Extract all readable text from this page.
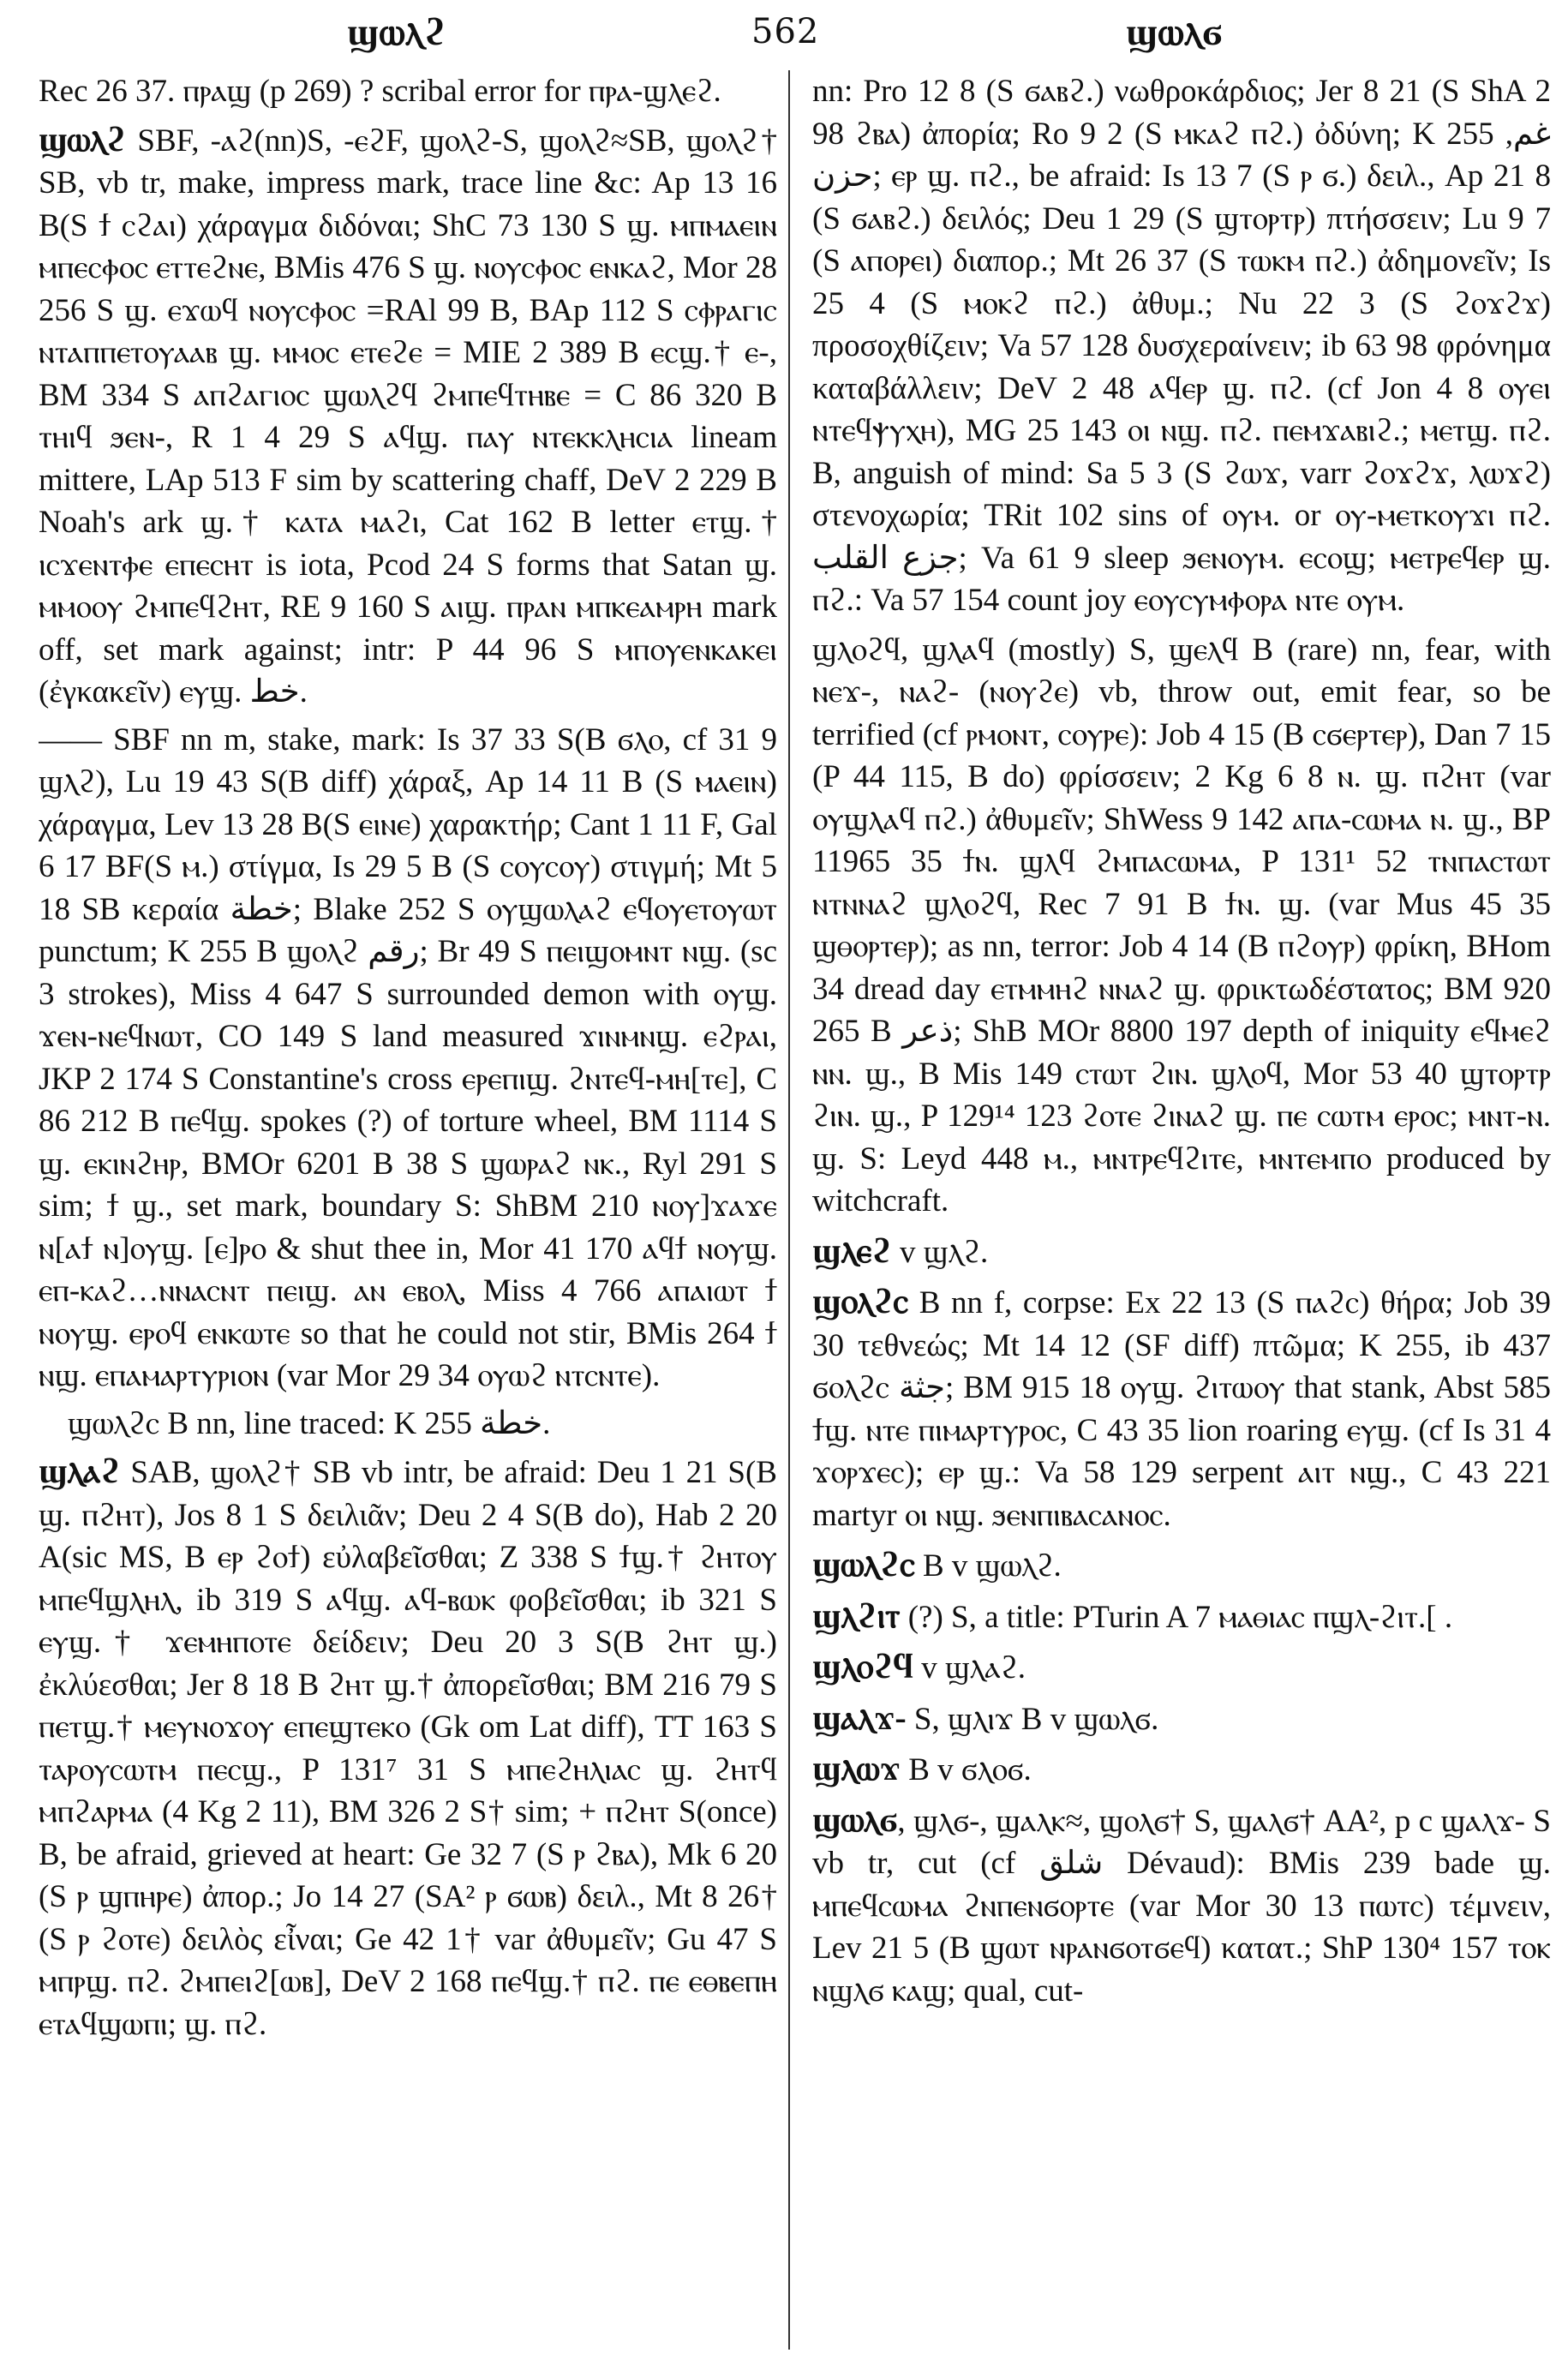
ϣⲱⲗϩ	562	ϣⲱⲗϭ

Rec 26 37. ⲡⲣⲁϣ (p 269) ? scribal error for ⲡⲣⲁ-ϣⲗⲉϩ.

ϣⲱⲗϩ SBF, -ⲁϩ(nn)S, -ⲉϩF, ϣⲟⲗϩ-S, ϣⲟⲗϩ≈SB, ϣⲟⲗϩ† SB, vb tr, make, impress mark, trace line &c: Ap 13 16 B(S ϯ ⲥϩⲁⲓ) χάραγμα διδόναι; ShC 73 130 S ϣ. ⲙⲡⲙⲁⲉⲓⲛ ⲙⲡⲉⲥⲫⲟⲥ ⲉⲧⲧⲉϩⲛⲉ, BMis 476 S ϣ. ⲛⲟⲩⲥⲫⲟⲥ ⲉⲛⲕⲁϩ, Mor 28 256 S ϣ. ⲉϫⲱϥ ⲛⲟⲩⲥⲫⲟⲥ =RAl 99 B, BAp 112 S ⲥⲫⲣⲁⲅⲓⲥ ⲛⲧⲁⲡⲡⲉⲧⲟⲩⲁⲁⲃ ϣ. ⲙⲙⲟⲥ ⲉⲧⲉϩⲉ = MIE 2 389 B ⲉⲥϣ.† ⲉ-, BM 334 S ⲁⲡϩⲁⲅⲓⲟⲥ ϣⲱⲗϩϥ ϩⲙⲡⲉϥⲧⲏⲃⲉ = C 86 320 B ⲧⲏⲓϥ ϧⲉⲛ-, R 1 4 29 S ⲁϥϣ. ⲡⲁⲩ ⲛⲧⲉⲕⲕⲗⲏⲥⲓⲁ lineam mittere, LAp 513 F sim by scattering chaff, DeV 2 229 B Noah's ark ϣ.† ⲕⲁⲧⲁ ⲙⲁϩⲓ, Cat 162 B letter ⲉⲧϣ.† ⲓⲥϫⲉⲛⲧⲫⲉ ⲉⲡⲉⲥⲏⲧ is iota, Pcod 24 S forms that Satan ϣ. ⲙⲙⲟⲟⲩ ϩⲙⲡⲉϥϩⲏⲧ, RE 9 160 S ⲁⲓϣ. ⲡⲣⲁⲛ ⲙⲡⲕⲉⲁⲙⲣⲏ mark off, set mark against; intr: P 44 96 S ⲙⲡⲟⲩⲉⲛⲕⲁⲕⲉⲓ (ἐγκακεῖν) ⲉⲩϣ. خط.

—— SBF nn m, stake, mark: Is 37 33 S(B ϭⲗⲟ, cf 31 9 ϣⲗϩ), Lu 19 43 S(B diff) χάραξ, Ap 14 11 B (S ⲙⲁⲉⲓⲛ) χάραγμα, Lev 13 28 B(S ⲉⲓⲛⲉ) χαρακτήρ; Cant 1 11 F, Gal 6 17 BF(S ⲙ.) στίγμα, Is 29 5 B (S ⲥⲟⲩⲥⲟⲩ) στιγμή; Mt 5 18 SB κεραία خطة; Blake 252 S ⲟⲩϣⲱⲗⲁϩ ⲉϥⲟⲩⲉⲧⲟⲩⲱⲧ punctum; K 255 B ϣⲟⲗϩ رقم; Br 49 S ⲡⲉⲓϣⲟⲙⲛⲧ ⲛϣ. (sc 3 strokes), Miss 4 647 S surrounded demon with ⲟⲩϣ. ϫⲉⲛ-ⲛⲉϥⲛⲱⲧ, CO 149 S land measured ϫⲓⲛⲙⲛϣ. ⲉϩⲣⲁⲓ, JKP 2 174 S Constantine's cross ⲉⲣⲉⲡⲓϣ. ϩⲛⲧⲉϥ-ⲙⲏ[ⲧⲉ], C 86 212 B ⲡⲉϥϣ. spokes (?) of torture wheel, BM 1114 S ϣ. ⲉⲕⲓⲛϩⲏⲣ, BMOr 6201 B 38 S ϣⲱⲣⲁϩ ⲛⲕ., Ryl 291 S sim; ϯ ϣ., set mark, boundary S: ShBM 210 ⲛⲟⲩ]ϫⲁϫⲉ ⲛ[ⲁϯ ⲛ]ⲟⲩϣ. [ⲉ]ⲣⲟ & shut thee in, Mor 41 170 ⲁϥϯ ⲛⲟⲩϣ. ⲉⲡ-ⲕⲁϩ…ⲛⲛⲁⲥⲛⲧ ⲡⲉⲓϣ. ⲁⲛ ⲉⲃⲟⲗ, Miss 4 766 ⲁⲡⲁⲓⲱⲧ ϯ ⲛⲟⲩϣ. ⲉⲣⲟϥ ⲉⲛⲕⲱⲧⲉ so that he could not stir, BMis 264 ϯ ⲛϣ. ⲉⲡⲁⲙⲁⲣⲧⲩⲣⲓⲟⲛ (var Mor 29 34 ⲟⲩⲱϩ ⲛⲧⲥⲛⲧⲉ).

ϣⲱⲗϩⲥ B nn, line traced: K 255 خطة.

ϣⲗⲁϩ SAB, ϣⲟⲗϩ† SB vb intr, be afraid: Deu 1 21 S(B ϣ. ⲡϩⲏⲧ), Jos 8 1 S δειλιᾶν; Deu 2 4 S(B do), Hab 2 20 A(sic MS, B ⲉⲣ ϩⲟϯ) εὐλαβεῖσθαι; Z 338 S ϯϣ.† ϩⲏⲧⲟⲩ ⲙⲡⲉϥϣⲗⲏⲗ, ib 319 S ⲁϥϣ. ⲁϥ-ⲃⲱⲕ φοβεῖσθαι; ib 321 S ⲉⲩϣ.† ϫⲉⲙⲏⲡⲟⲧⲉ δείδειν; Deu 20 3 S(B ϩⲏⲧ ϣ.) ἐκλύεσθαι; Jer 8 18 B ϩⲏⲧ ϣ.† ἀπορεῖσθαι; BM 216 79 S ⲡⲉⲧϣ.† ⲙⲉⲩⲛⲟϫⲟⲩ ⲉⲡⲉϣⲧⲉⲕⲟ (Gk om Lat diff), TT 163 S ⲧⲁⲣⲟⲩⲥⲱⲧⲙ ⲡⲉⲥϣ., P 131⁷ 31 S ⲙⲡⲉϩⲏⲗⲓⲁⲥ ϣ. ϩⲏⲧϥ ⲙⲡϩⲁⲣⲙⲁ (4 Kg 2 11), BM 326 2 S† sim; + ⲡϩⲏⲧ S(once) B, be afraid, grieved at heart: Ge 32 7 (S ⲣ ϩⲃⲁ), Mk 6 20 (S ⲣ ϣⲡⲏⲣⲉ) ἀπορ.; Jo 14 27 (SA² ⲣ ϭⲱⲃ) δειλ., Mt 8 26† (S ⲣ ϩⲟⲧⲉ) δειλὸς εἶναι; Ge 42 1† var ἀθυμεῖν; Gu 47 S ⲙⲡⲣϣ. ⲡϩ. ϩⲙⲡⲉⲓϩ[ⲱⲃ], DeV 2 168 ⲡⲉϥϣ.† ⲡϩ. ⲡⲉ ⲉⲑⲃⲉⲡⲏ ⲉⲧⲁϥϣⲱⲡⲓ; ϣ. ⲡϩ.

nn: Pro 12 8 (S ϭⲁⲃϩ.) νωθροκάρδιος; Jer 8 21 (S ShA 2 98 ϩⲃⲁ) ἀπορία; Ro 9 2 (S ⲙⲕⲁϩ ⲡϩ.) ὀδύνη; K 255 غم, حزن; ⲉⲣ ϣ. ⲡϩ., be afraid: Is 13 7 (S ⲣ ϭ.) δειλ., Ap 21 8 (S ϭⲁⲃϩ.) δειλός; Deu 1 29 (S ϣⲧⲟⲣⲧⲣ) πτήσσειν; Lu 9 7 (S ⲁⲡⲟⲣⲉⲓ) διαπορ.; Mt 26 37 (S ⲧⲱⲕⲙ ⲡϩ.) ἀδημονεῖν; Is 25 4 (S ⲙⲟⲕϩ ⲡϩ.) ἀθυμ.; Nu 22 3 (S ϩⲟϫϩϫ) προσοχθίζειν; Va 57 128 δυσχεραίνειν; ib 63 98 φρόνημα καταβάλλειν; DeV 2 48 ⲁϥⲉⲣ ϣ. ⲡϩ. (cf Jon 4 8 ⲟⲩⲉⲓ ⲛⲧⲉϥⲯⲩⲭⲏ), MG 25 143 ⲟⲓ ⲛϣ. ⲡϩ. ⲡⲉⲙϫⲁⲃⲓϩ.; ⲙⲉⲧϣ. ⲡϩ. B, anguish of mind: Sa 5 3 (S ϩⲱϫ, varr ϩⲟϫϩϫ, ⲗⲱϫϩ) στενοχωρία; TRit 102 sins of ⲟⲩⲙ. or ⲟⲩ-ⲙⲉⲧⲕⲟⲩϫⲓ ⲡϩ. جزع القلب; Va 61 9 sleep ϧⲉⲛⲟⲩⲙ. ⲉⲥⲟϣ; ⲙⲉⲧⲣⲉϥⲉⲣ ϣ. ⲡϩ.: Va 57 154 count joy ⲉⲟⲩⲥⲩⲙⲫⲟⲣⲁ ⲛⲧⲉ ⲟⲩⲙ.

ϣⲗⲟϩϥ, ϣⲗⲁϥ (mostly) S, ϣⲉⲗϥ B (rare) nn, fear, with ⲛⲉϫ-, ⲛⲁϩ- (ⲛⲟⲩϩⲉ) vb, throw out, emit fear, so be terrified (cf ⲣⲙⲟⲛⲧ, ⲥⲟⲩⲣⲉ): Job 4 15 (B ⲥϭⲉⲣⲧⲉⲣ), Dan 7 15 (P 44 115, B do) φρίσσειν; 2 Kg 6 8 ⲛ. ϣ. ⲡϩⲏⲧ (var ⲟⲩϣⲗⲁϥ ⲡϩ.) ἀθυμεῖν; ShWess 9 142 ⲁⲡⲁ-ⲥⲱⲙⲁ ⲛ. ϣ., BP 11965 35 ϯⲛ. ϣⲗϥ ϩⲙⲡⲁⲥⲱⲙⲁ, P 131¹ 52 ⲧⲛⲡⲁⲥⲧⲱⲧ ⲛⲧⲛⲛⲁϩ ϣⲗⲟϩϥ, Rec 7 91 B ϯⲛ. ϣ. (var Mus 45 35 ϣⲑⲟⲣⲧⲉⲣ); as nn, terror: Job 4 14 (B ⲡϩⲟⲩⲣ) φρίκη, BHom 34 dread day ⲉⲧⲙⲙⲏϩ ⲛⲛⲁϩ ϣ. φρικτωδέστατος; BM 920 265 B ذعر; ShB MOr 8800 197 depth of iniquity ⲉϥⲙⲉϩ ⲛⲛ. ϣ., B Mis 149 ⲥⲧⲱⲧ ϩⲓⲛ. ϣⲗⲟϥ, Mor 53 40 ϣⲧⲟⲣⲧⲣ ϩⲓⲛ. ϣ., P 129¹⁴ 123 ϩⲟⲧⲉ ϩⲓⲛⲁϩ ϣ. ⲡⲉ ⲥⲱⲧⲙ ⲉⲣⲟⲥ; ⲙⲛⲧ-ⲛ. ϣ. S: Leyd 448 ⲙ., ⲙⲛⲧⲣⲉϥϩⲓⲧⲉ, ⲙⲛⲧⲉⲙⲡⲟ produced by witchcraft.

ϣⲗⲉϩ v ϣⲗϩ.

ϣⲟⲗϩⲥ B nn f, corpse: Ex 22 13 (S ⲡⲁϩⲥ) θήρα; Job 39 30 τεθνεώς; Mt 14 12 (SF diff) πτῶμα; K 255, ib 437 ϭⲟⲗϩⲥ جثة; BM 915 18 ⲟⲩϣ. ϩⲓⲧⲱⲟⲩ that stank, Abst 585 ϯϣ. ⲛⲧⲉ ⲡⲓⲙⲁⲣⲧⲩⲣⲟⲥ, C 43 35 lion roaring ⲉⲩϣ. (cf Is 31 4 ϫⲟⲣϫⲉⲥ); ⲉⲣ ϣ.: Va 58 129 serpent ⲁⲓⲧ ⲛϣ., C 43 221 martyr ⲟⲓ ⲛϣ. ϧⲉⲛⲡⲓⲃⲁⲥⲁⲛⲟⲥ.

ϣⲱⲗϩⲥ B v ϣⲱⲗϩ.

ϣⲗϩⲓⲧ (?) S, a title: PTurin A 7 ⲙⲁⲑⲓⲁⲥ ⲡϣⲗ-ϩⲓⲧ.[ .

ϣⲗⲟϩϥ v ϣⲗⲁϩ.

ϣⲁⲗϫ- S, ϣⲗⲓϫ B v ϣⲱⲗϭ.

ϣⲗⲱϫ B v ϭⲗⲟϭ.

ϣⲱⲗϭ, ϣⲗϭ-, ϣⲁⲗⲕ≈, ϣⲟⲗϭ† S, ϣⲁⲗϭ† AA², p c ϣⲁⲗϫ- S vb tr, cut (cf شلق Dévaud): BMis 239 bade ϣ. ⲙⲡⲉϥⲥⲱⲙⲁ ϩⲛⲡⲉⲛϭⲟⲣⲧⲉ (var Mor 30 13 ⲡⲱⲧⲥ) τέμνειν, Lev 21 5 (B ϣⲱⲧ ⲛⲣⲁⲛϭⲟⲧϭⲉϥ) κατατ.; ShP 130⁴ 157 ⲧⲟⲕ ⲛϣⲗϭ ⲕⲁϣ; qual, cut-
